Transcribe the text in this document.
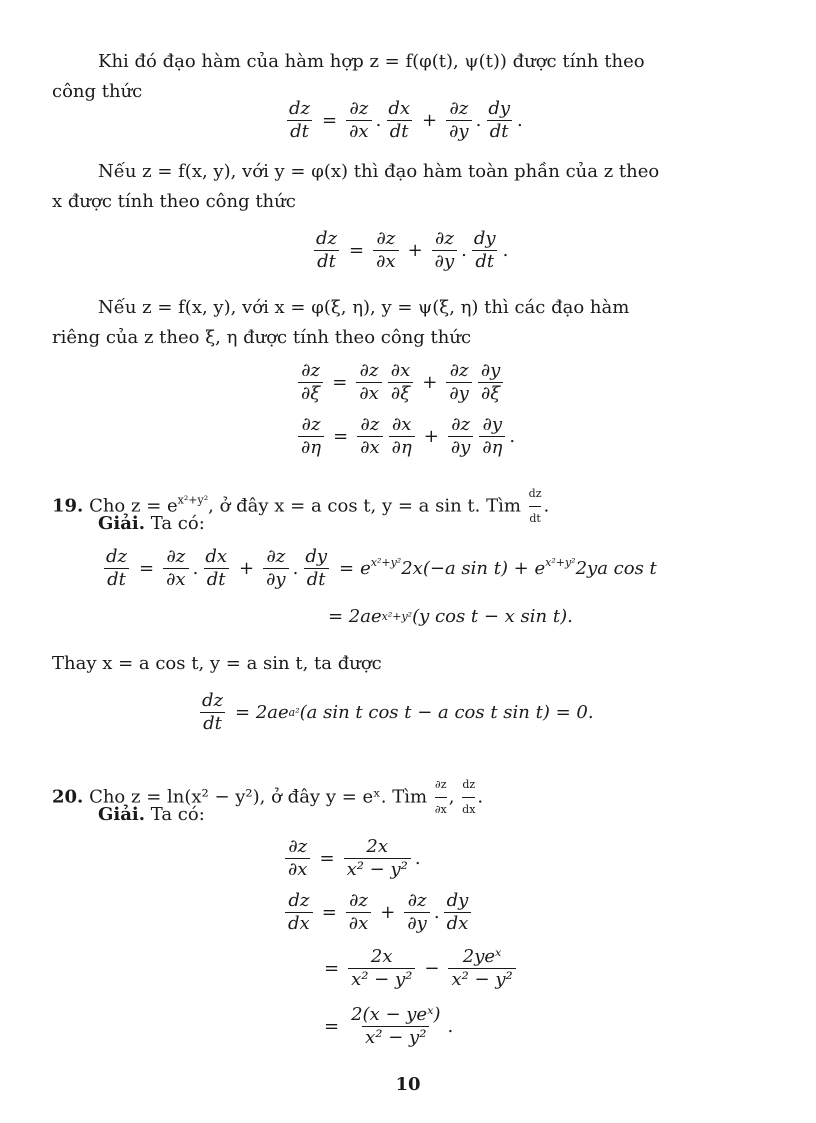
Khi đó đạo hàm của hàm hợp z = f(φ(t), ψ(t)) được tính theo
công thức
$\frac{dz}{dt} = \frac{\partial z}{\partial x}$ . $\frac{dx}{dt} + \frac{\partial z}{\partial y}$ . $\frac{dy}{dt}$ .
Nếu z = f(x, y), với y = φ(x) thì đạo hàm toàn phần của z theo
x được tính theo công thức
$\frac{dz}{dt} = \frac{\partial z}{\partial x} + \frac{\partial z}{\partial y}$ . $\frac{dy}{dt}$ .
Nếu z = f(x, y), với x = φ(ξ, η), y = ψ(ξ, η) thì các đạo hàm
riêng của z theo ξ, η được tính theo công thức
$\frac{\partial z}{\partial\xi} = \frac{\partial z}{\partial x} \frac{\partial x}{\partial\xi} + \frac{\partial z}{\partial y} \frac{\partial y}{\partial\xi}$
$\frac{\partial z}{\partial\eta} = \frac{\partial z}{\partial x} \frac{\partial x}{\partial\eta} + \frac{\partial z}{\partial y} \frac{\partial y}{\partial\eta}$ .
19. Cho $z = e^{x^2+y^2}$, ở đây x = a cos t, y = a sin t. Tìm $\frac{dz}{dt}$ .
Giải. Ta có:
$\frac{dz}{dt} = \frac{\partial z}{\partial x}$ . $\frac{dx}{dt} + \frac{\partial z}{\partial y}$ . $\frac{dy}{dt} = e^{x^2+y^2}2x(-a$ $\sin t) + e^{x^2+y^2}2ya$ cos t
= 2ae x²+y² (y cos t − x sin t).
Thay x = a cos t, y = a sin t, ta được
$\frac{dz}{dt} = 2ae$ a² (a sin t cos t − a cos t sin t) = 0.
20. Cho z = ln(x² − y²), ở đây y = eˣ. Tìm $\frac{\partial z}{\partial x}$ , $\frac{dz}{dx}$ .
Giải. Ta có:
$\frac{\partial z}{\partial x} = \frac{2x}{\text{x² − y²}}$ .
$\frac{dz}{dx} = \frac{\partial z}{\partial x} + \frac{\partial z}{\partial y}$ . $\frac{dy}{dx}$
= $\frac{2x}{\text{x² − y²}} - \frac{\text{2yeˣ}}{\text{x² − y²}}$
= $\frac{\text{2(x − yeˣ)}}{\text{x² − y²}}$ .
10
